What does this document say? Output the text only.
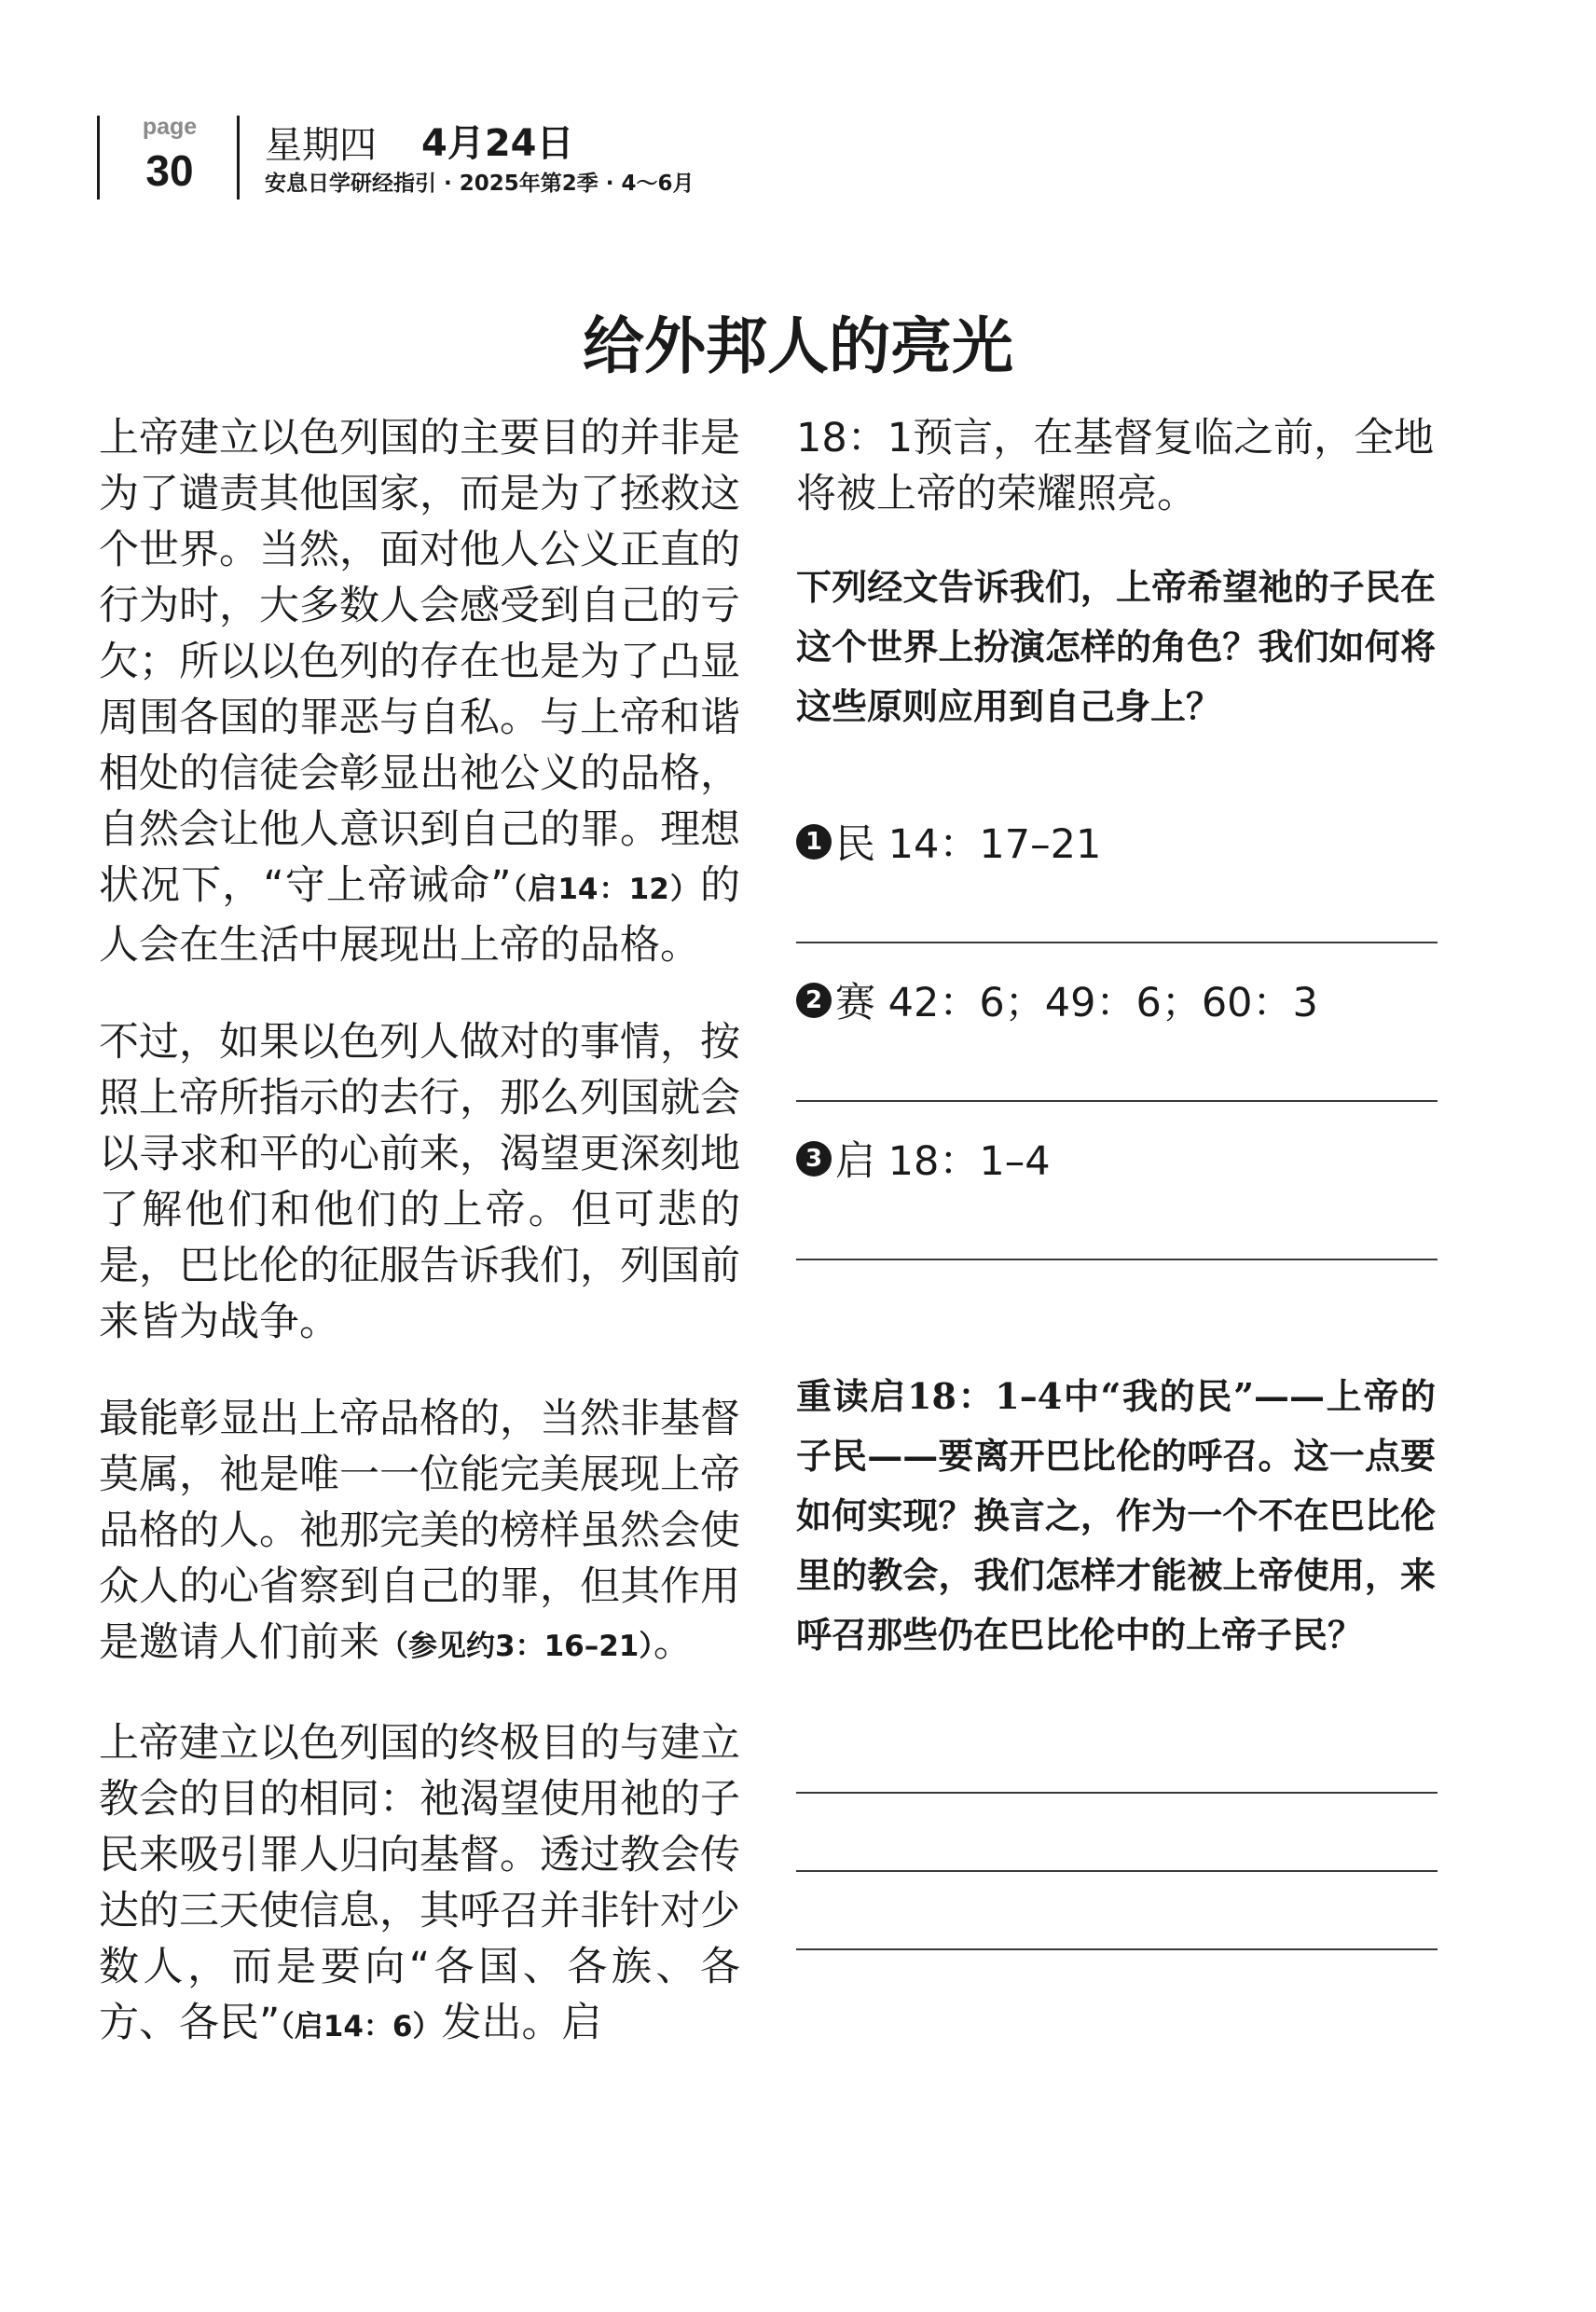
page
30
星期四 4月24日
安息日学研经指引 · 2025年第2季 · 4～6月
给外邦人的亮光

上帝建立以色列国的主要目的并非是为了谴责其他国家，而是为了拯救这个世界。当然，面对他人公义正直的行为时，大多数人会感受到自己的亏欠；所以以色列的存在也是为了凸显周围各国的罪恶与自私。与上帝和谐相处的信徒会彰显出祂公义的品格，自然会让他人意识到自己的罪。理想状况下，“守上帝诫命”（启14：12）的人会在生活中展现出上帝的品格。

不过，如果以色列人做对的事情，按照上帝所指示的去行，那么列国就会以寻求和平的心前来，渴望更深刻地了解他们和他们的上帝。但可悲的是，巴比伦的征服告诉我们，列国前来皆为战争。

最能彰显出上帝品格的，当然非基督莫属，祂是唯一一位能完美展现上帝品格的人。祂那完美的榜样虽然会使众人的心省察到自己的罪，但其作用是邀请人们前来（参见约3：16–21）。

上帝建立以色列国的终极目的与建立教会的目的相同：祂渴望使用祂的子民来吸引罪人归向基督。透过教会传达的三天使信息，其呼召并非针对少数人，而是要向“各国、各族、各方、各民”（启14：6）发出。启

18：1预言，在基督复临之前，全地将被上帝的荣耀照亮。

下列经文告诉我们，上帝希望祂的子民在这个世界上扮演怎样的角色？我们如何将这些原则应用到自己身上？
1 民 14：17–21
2 赛 42：6；49：6；60：3
3 启 18：1–4
重读启18：1–4中“我的民”——上帝的子民——要离开巴比伦的呼召。这一点要如何实现？换言之，作为一个不在巴比伦里的教会，我们怎样才能被上帝使用，来呼召那些仍在巴比伦中的上帝子民？
